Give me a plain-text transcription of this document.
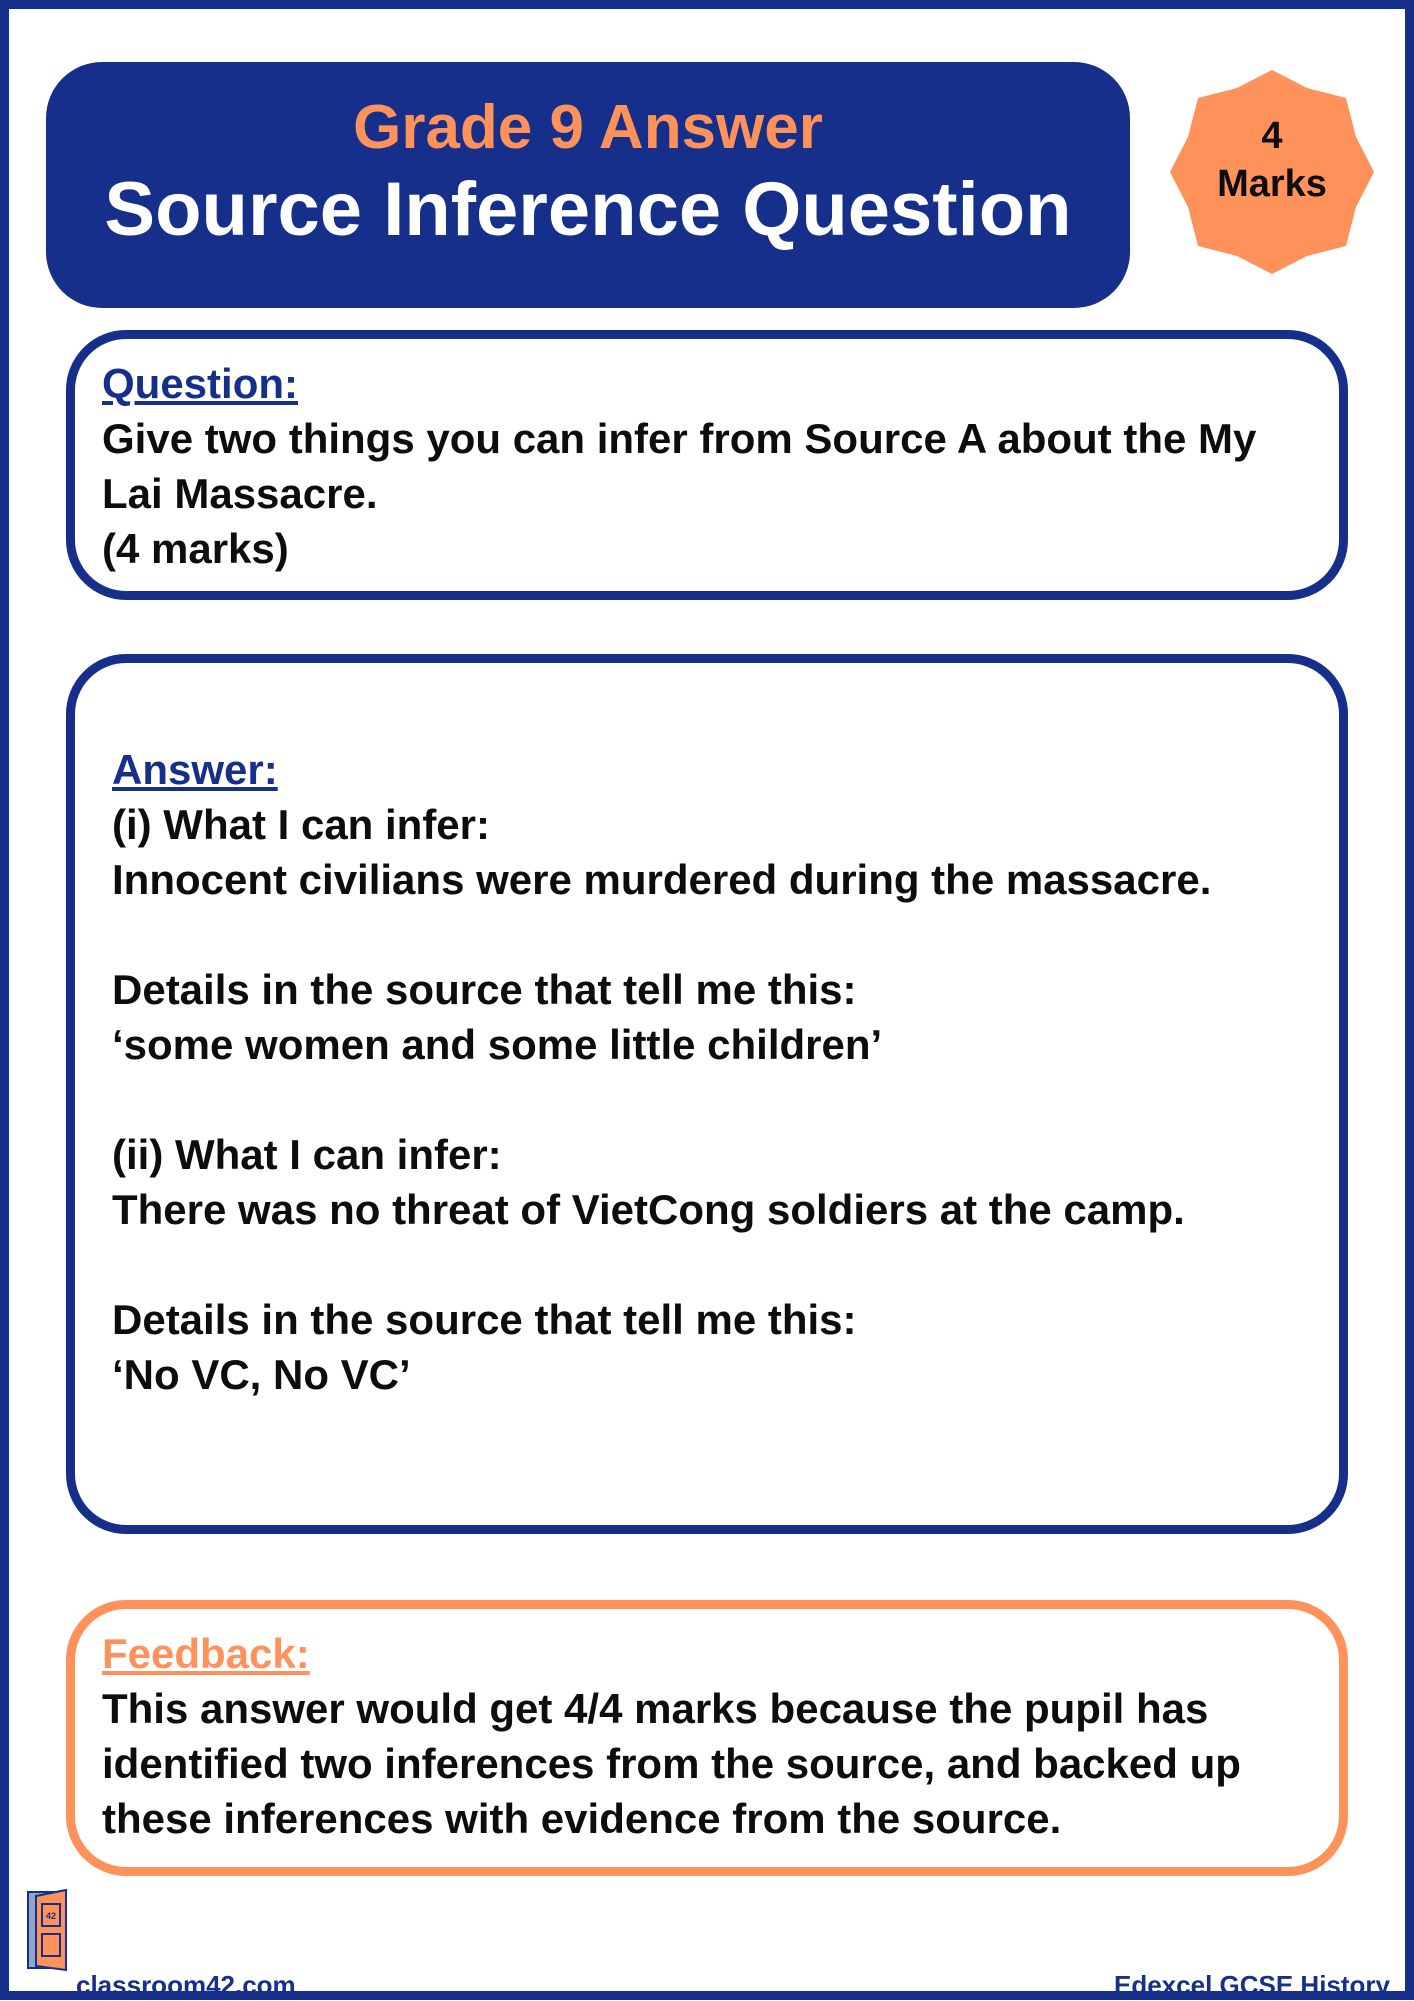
Grade 9 Answer
Source Inference Question
4
Marks
Question:
Give two things you can infer from Source A about the My Lai Massacre.
(4 marks)
Answer:
(i) What I can infer:
Innocent civilians were murdered during the massacre.
Details in the source that tell me this:
‘some women and some little children’
(ii) What I can infer:
There was no threat of VietCong soldiers at the camp.
Details in the source that tell me this:
‘No VC, No VC’
Feedback:
This answer would get 4/4 marks because the pupil has identified two inferences from the source, and backed up these inferences with evidence from the source.
42
classroom42.com	Edexcel GCSE History
